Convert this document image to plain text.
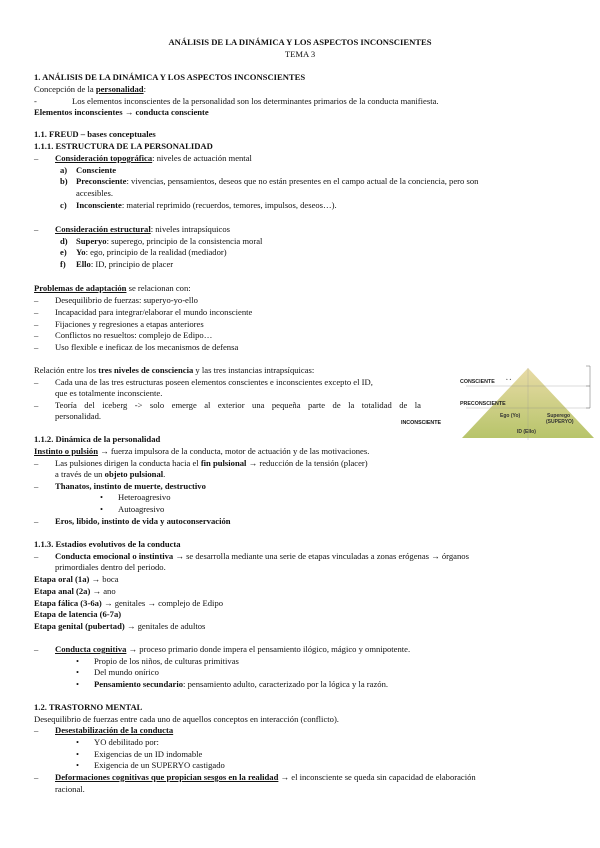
ANÁLISIS DE LA DINÁMICA Y LOS ASPECTOS INCONSCIENTES
TEMA 3
1. ANÁLISIS DE LA DINÁMICA Y LOS ASPECTOS INCONSCIENTES
Concepción de la personalidad:
-	Los elementos inconscientes de la personalidad son los determinantes primarios de la conducta manifiesta.
Elementos inconscientes → conducta consciente
1.1. FREUD – bases conceptuales
1.1.1. ESTRUCTURA DE LA PERSONALIDAD
– Consideración topográfica: niveles de actuación mental
a) Consciente
b) Preconsciente: vivencias, pensamientos, deseos que no están presentes en el campo actual de la conciencia, pero son
accesibles.
c) Inconsciente: material reprimido (recuerdos, temores, impulsos, deseos…).
– Consideración estructural: niveles intrapsíquicos
d) Superyo: superego, principio de la consistencia moral
e) Yo: ego, principio de la realidad (mediador)
f) Ello: ID, principio de placer
Problemas de adaptación se relacionan con:
– Desequilibrio de fuerzas: superyo-yo-ello
– Incapacidad para integrar/elaborar el mundo inconsciente
– Fijaciones y regresiones a etapas anteriores
– Conflictos no resueltos: complejo de Edipo…
– Uso flexible e ineficaz de los mecanismos de defensa
Relación entre los tres niveles de consciencia y las tres instancias intrapsíquicas:
– Cada una de las tres estructuras poseen elementos conscientes e inconscientes excepto el ID,
que es totalmente inconsciente.
– Teoría del iceberg -> solo emerge al exterior una pequeña parte de la totalidad de la
personalidad.
. .
CONSCIENTE
PRECONSCIENTE
Ego (Yo)	Superego
(SUPERYO)
ID (Ello)
INCONSCIENTE
1.1.2. Dinámica de la personalidad
Instinto o pulsión → fuerza impulsora de la conducta, motor de actuación y de las motivaciones.
– Las pulsiones dirigen la conducta hacia el fin pulsional → reducción de la tensión (placer)
a través de un objeto pulsional.
– Thanatos, instinto de muerte, destructivo
• Heteroagresivo
• Autoagresivo
– Eros, libido, instinto de vida y autoconservación
1.1.3. Estadios evolutivos de la conducta
– Conducta emocional o instintiva → se desarrolla mediante una serie de etapas vinculadas a zonas erógenas → órganos
primordiales dentro del periodo.
Etapa oral (1a) → boca
Etapa anal (2a) → ano
Etapa fálica (3-6a) → genitales → complejo de Edipo
Etapa de latencia (6-7a)
Etapa genital (pubertad) → genitales de adultos
– Conducta cognitiva → proceso primario donde impera el pensamiento ilógico, mágico y omnipotente.
• Propio de los niños, de culturas primitivas
• Del mundo onírico
• Pensamiento secundario: pensamiento adulto, caracterizado por la lógica y la razón.
1.2. TRASTORNO MENTAL
Desequilibrio de fuerzas entre cada uno de aquellos conceptos en interacción (conflicto).
– Desestabilización de la conducta
• YO debilitado por:
• Exigencias de un ID indomable
• Exigencia de un SUPERYO castigado
– Deformaciones cognitivas que propician sesgos en la realidad → el inconsciente se queda sin capacidad de elaboración
racional.
